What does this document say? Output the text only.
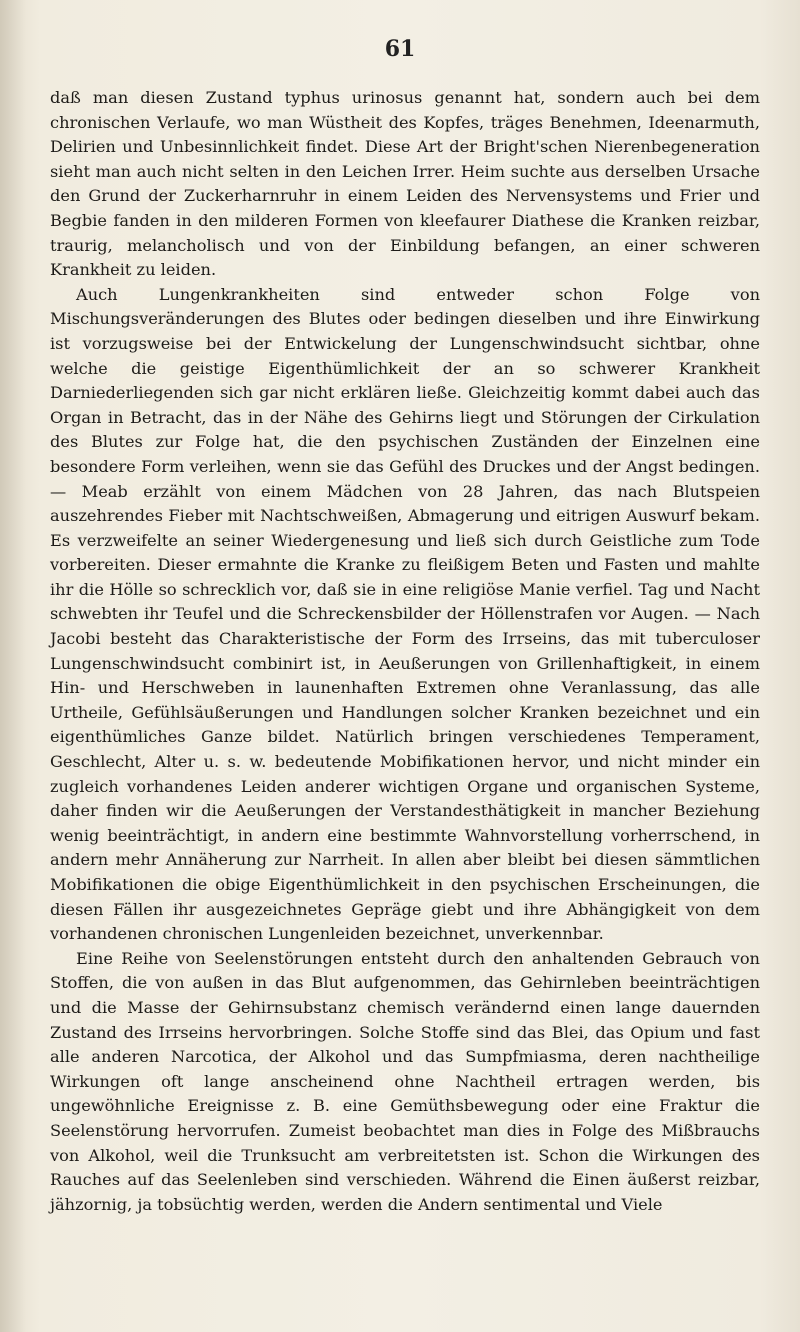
61

daß man diesen Zustand typhus urinosus genannt hat, sondern auch bei dem chronischen Verlaufe, wo man Wüstheit des Kopfes, träges Benehmen, Ideenarmuth, Delirien und Unbesinnlichkeit findet. Diese Art der Bright'schen Nierenbegeneration sieht man auch nicht selten in den Leichen Irrer. Heim suchte aus derselben Ursache den Grund der Zuckerharnruhr in einem Leiden des Nervensystems und Frier und Begbie fanden in den milderen Formen von kleefaurer Diathese die Kranken reizbar, traurig, melancholisch und von der Einbildung befangen, an einer schweren Krankheit zu leiden.

Auch Lungenkrankheiten sind entweder schon Folge von Mischungsveränderungen des Blutes oder bedingen dieselben und ihre Einwirkung ist vorzugsweise bei der Entwickelung der Lungenschwindsucht sichtbar, ohne welche die geistige Eigenthümlichkeit der an so schwerer Krankheit Darniederliegenden sich gar nicht erklären ließe. Gleichzeitig kommt dabei auch das Organ in Betracht, das in der Nähe des Gehirns liegt und Störungen der Cirkulation des Blutes zur Folge hat, die den psychischen Zuständen der Einzelnen eine besondere Form verleihen, wenn sie das Gefühl des Druckes und der Angst bedingen. — Meab erzählt von einem Mädchen von 28 Jahren, das nach Blutspeien auszehrendes Fieber mit Nachtschweißen, Abmagerung und eitrigen Auswurf bekam. Es verzweifelte an seiner Wiedergenesung und ließ sich durch Geistliche zum Tode vorbereiten. Dieser ermahnte die Kranke zu fleißigem Beten und Fasten und mahlte ihr die Hölle so schrecklich vor, daß sie in eine religiöse Manie verfiel. Tag und Nacht schwebten ihr Teufel und die Schreckensbilder der Höllenstrafen vor Augen. — Nach Jacobi besteht das Charakteristische der Form des Irrseins, das mit tuberculoser Lungenschwindsucht combinirt ist, in Aeußerungen von Grillenhaftigkeit, in einem Hin- und Herschweben in launenhaften Extremen ohne Veranlassung, das alle Urtheile, Gefühlsäußerungen und Handlungen solcher Kranken bezeichnet und ein eigenthümliches Ganze bildet. Natürlich bringen verschiedenes Temperament, Geschlecht, Alter u. s. w. bedeutende Mobifikationen hervor, und nicht minder ein zugleich vorhandenes Leiden anderer wichtigen Organe und organischen Systeme, daher finden wir die Aeußerungen der Verstandesthätigkeit in mancher Beziehung wenig beeinträchtigt, in andern eine bestimmte Wahnvorstellung vorherrschend, in andern mehr Annäherung zur Narrheit. In allen aber bleibt bei diesen sämmtlichen Mobifikationen die obige Eigenthümlichkeit in den psychischen Erscheinungen, die diesen Fällen ihr ausgezeichnetes Gepräge giebt und ihre Abhängigkeit von dem vorhandenen chronischen Lungenleiden bezeichnet, unverkennbar.

Eine Reihe von Seelenstörungen entsteht durch den anhaltenden Gebrauch von Stoffen, die von außen in das Blut aufgenommen, das Gehirnleben beeinträchtigen und die Masse der Gehirnsubstanz chemisch verändernd einen lange dauernden Zustand des Irrseins hervorbringen. Solche Stoffe sind das Blei, das Opium und fast alle anderen Narcotica, der Alkohol und das Sumpfmiasma, deren nachtheilige Wirkungen oft lange anscheinend ohne Nachtheil ertragen werden, bis ungewöhnliche Ereignisse z. B. eine Gemüthsbewegung oder eine Fraktur die Seelenstörung hervorrufen. Zumeist beobachtet man dies in Folge des Mißbrauchs von Alkohol, weil die Trunksucht am verbreitetsten ist. Schon die Wirkungen des Rauches auf das Seelenleben sind verschieden. Während die Einen äußerst reizbar, jähzornig, ja tobsüchtig werden, werden die Andern sentimental und Viele
